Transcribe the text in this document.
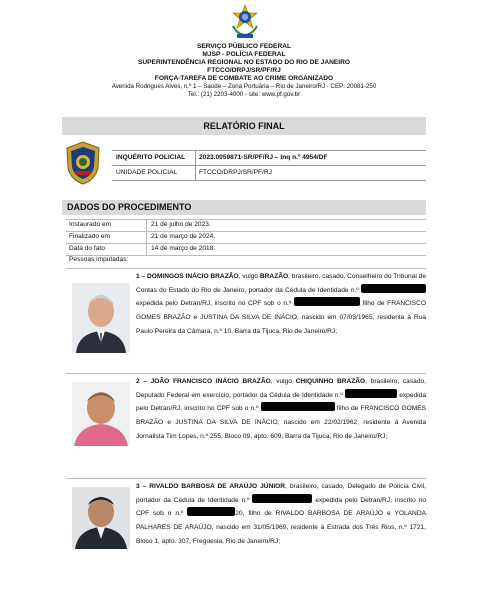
SERVIÇO PÚBLICO FEDERAL
MJSP - POLÍCIA FEDERAL
SUPERINTENDÊNCIA REGIONAL NO ESTADO DO RIO DE JANEIRO
FTCCO/DRPJ/SR/PF/RJ
FORÇA-TAREFA DE COMBATE AO CRIME ORGANIZADO
Avenida Rodrigues Alves, n.º 1 – Saúde – Zona Portuária – Rio de Janeiro/RJ - CEP: 20081-250
Tel.: (21) 2203-4000 - site: www.pf.gov.br
RELATÓRIO FINAL
INQUÉRITO POLICIAL 2023.0059871-SR/PF/RJ – Inq n.º 4954/DF
UNIDADE POLICIAL	FTCCO/DRPJ/SR/PF/RJ
DADOS DO PROCEDIMENTO
Instaurado em	21 de julho de 2023.
Finalizado em	21 de março de 2024.
Data do fato	14 de março de 2018.
Pessoas imputadas:
1 – DOMINGOS INÁCIO BRAZÃO, vulgo BRAZÃO, brasileiro, casado, Conselheiro do Tribunal de Contas do Estado do Rio de Janeiro, portador da Cédula de Identidade n.º  expedida pelo Detran/RJ, inscrito no CPF sob o n.º	filho de FRANCISCO GOMES BRAZÃO e JUSTINA DA SILVA DE INÁCIO, nascido em 07/03/1965, residente à Rua Paulo Pereira da Câmara, n.º 10, Barra da Tijuca, Rio de Janeiro/RJ;
2 – JOÃO FRANCISCO INÁCIO BRAZÃO, vulgo CHIQUINHO BRAZÃO, brasileiro, casado, Deputado Federal em exercício, portador da Cédula de Identidade n.º	expedida pelo Detran/RJ, inscrito no CPF sob o n.º	filho de FRANCISCO GOMES BRAZÃO e JUSTINA DA SILVA DE INÁCIO, nascido em 22/02/1962, residente à Avenida Jornalista Tim Lopes, n.º 255, Bloco 09, apto. 609, Barra da Tijuca, Rio de Janeiro/RJ;
3 – RIVALDO BARBOSA DE ARAÚJO JÚNIOR, brasileiro, casado, Delegado de Polícia Civil, portador da Cédula de Identidade n.º	expedida pelo Detran/RJ, inscrito no CPF sob o n.º	20, filho de RIVALDO BARBOSA DE ARAÚJO e YOLANDA PALHARES DE ARAÚJO, nascido em 31/05/1969, residente à Estrada dos Três Rios, n.º 1721, Bloco 1, apto. 307, Freguesia, Rio de Janeiro/RJ;
